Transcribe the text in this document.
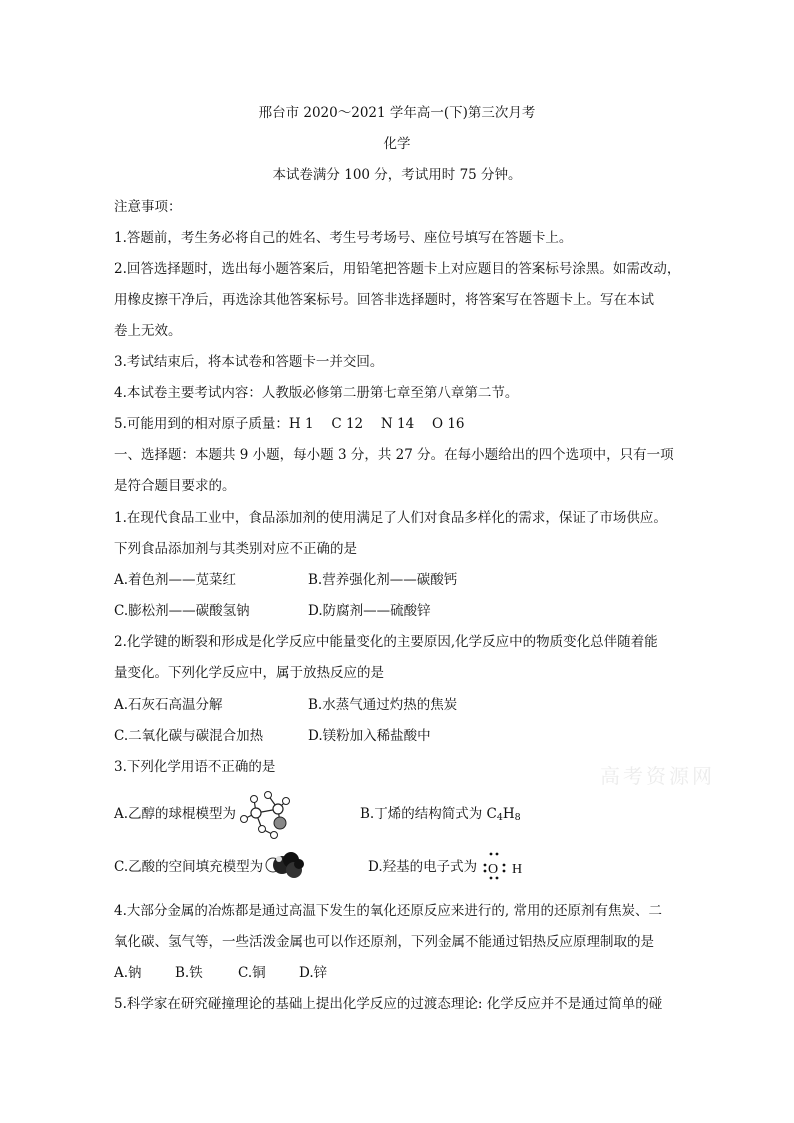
邢台市 2020～2021 学年高一(下)第三次月考
化学
本试卷满分 100 分，考试用时 75 分钟。
注意事项：
1.答题前，考生务必将自己的姓名、考生号考场号、座位号填写在答题卡上。
2.回答选择题时，选出每小题答案后，用铅笔把答题卡上对应题目的答案标号涂黑。如需改动，
用橡皮擦干净后，再选涂其他答案标号。回答非选择题时，将答案写在答题卡上。写在本试
卷上无效。
3.考试结束后，将本试卷和答题卡一并交回。
4.本试卷主要考试内容：人教版必修第二册第七章至第八章第二节。
5.可能用到的相对原子质量：H 1　 C 12　 N 14　 O 16
一、选择题：本题共 9 小题，每小题 3 分，共 27 分。在每小题给出的四个选项中，只有一项
是符合题目要求的。
1.在现代食品工业中，食品添加剂的使用满足了人们对食品多样化的需求，保证了市场供应。
下列食品添加剂与其类别对应不正确的是
A.着色剂——苋菜红	B.营养强化剂——碳酸钙
C.膨松剂——碳酸氢钠	D.防腐剂——硫酸锌
2.化学键的断裂和形成是化学反应中能量变化的主要原因,化学反应中的物质变化总伴随着能
量变化。下列化学反应中，属于放热反应的是
A.石灰石高温分解	B.水蒸气通过灼热的焦炭
C.二氧化碳与碳混合加热	D.镁粉加入稀盐酸中
3.下列化学用语不正确的是
A.乙醇的球棍模型为	B.丁烯的结构简式为 $C_4H_8$
C.乙酸的空间填充模型为	D.羟基的电子式为 O H
4.大部分金属的冶炼都是通过高温下发生的氧化还原反应来进行的, 常用的还原剂有焦炭、二
氧化碳、氢气等，一些活泼金属也可以作还原剂，下列金属不能通过铝热反应原理制取的是
A.钠 B.铁	C.铜 D.锌
5.科学家在研究碰撞理论的基础上提出化学反应的过渡态理论: 化学反应并不是通过简单的碰
高考资源网
